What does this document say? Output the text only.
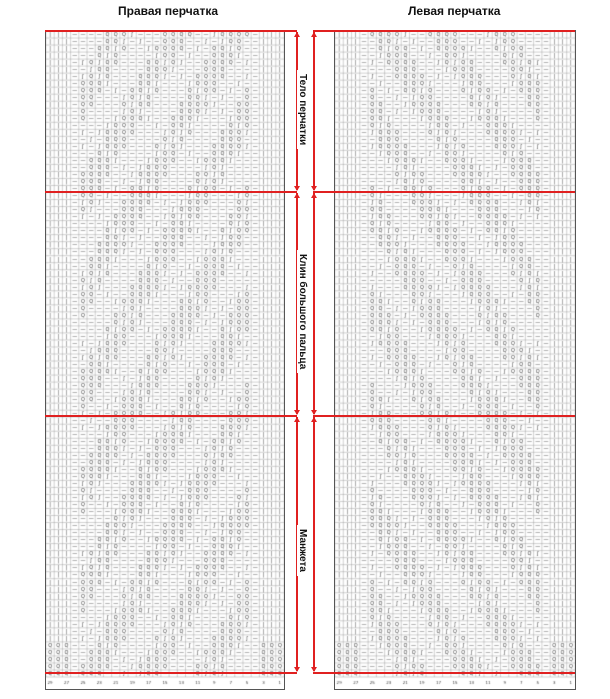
Правая перчатка	Левая перчатка
Тело перчатки
Клин большого пальца
Манжета
